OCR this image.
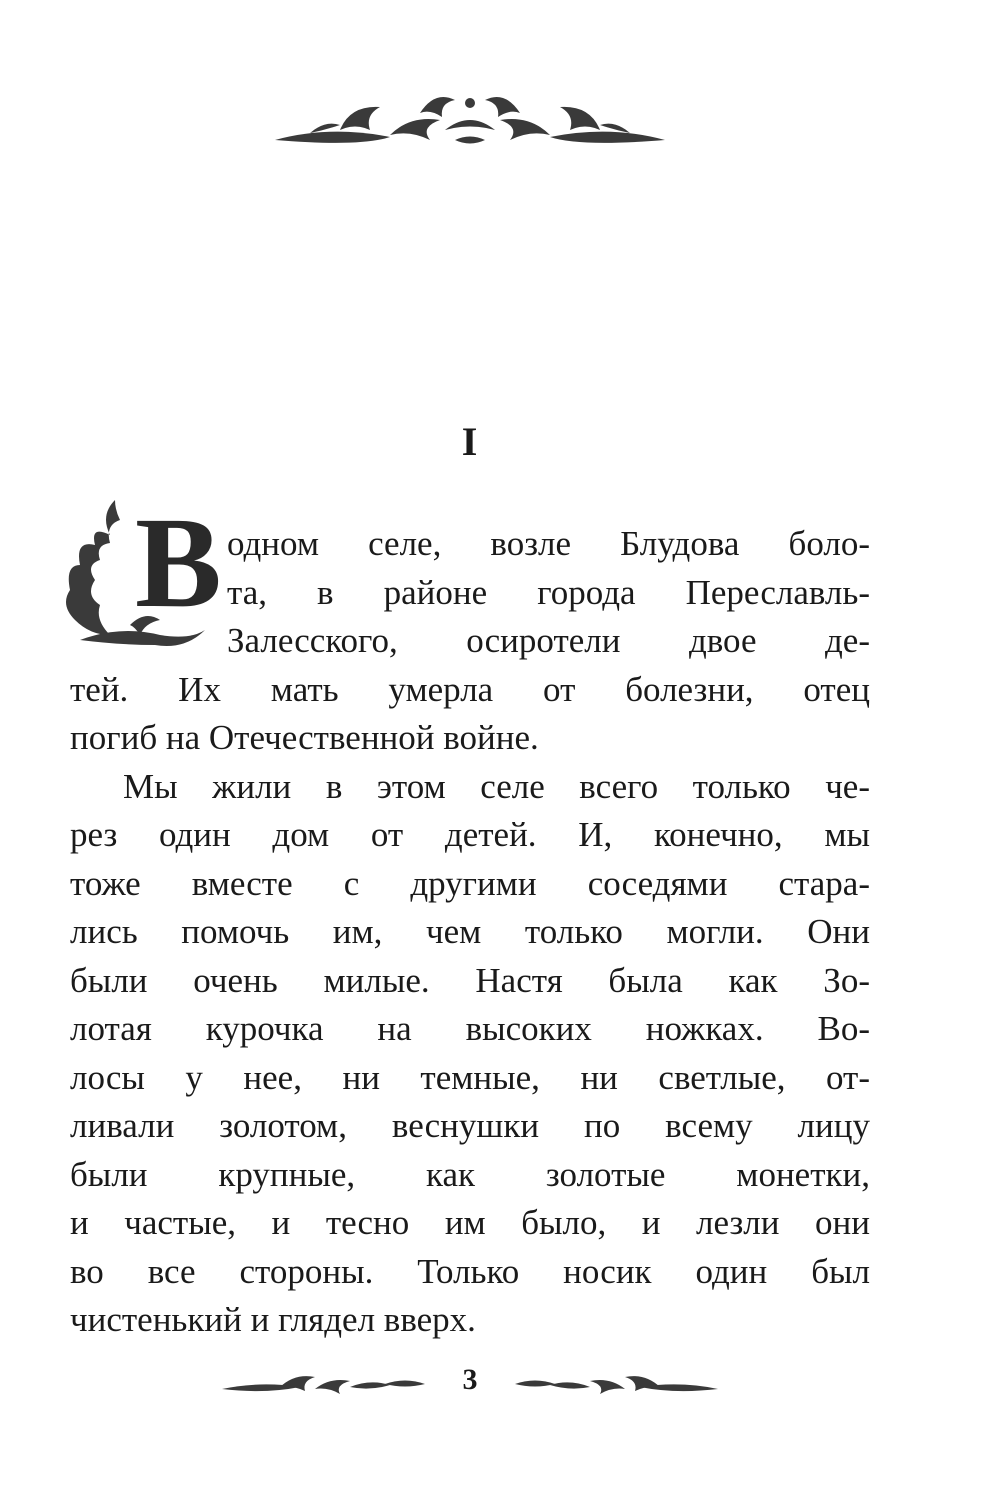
I
В одном селе, возле Блудова боло-
та, в районе города Переславль-
Залесского, осиротели двое де-
тей. Их мать умерла от болезни, отец
погиб на Отечественной войне.
Мы жили в этом селе всего только че-
рез один дом от детей. И, конечно, мы
тоже вместе с другими соседями стара-
лись помочь им, чем только могли. Они
были очень милые. Настя была как Зо-
лотая курочка на высоких ножках. Во-
лосы у нее, ни темные, ни светлые, от-
ливали золотом, веснушки по всему лицу
были крупные, как золотые монетки,
и частые, и тесно им было, и лезли они
во все стороны. Только носик один был
чистенький и глядел вверх.
3
